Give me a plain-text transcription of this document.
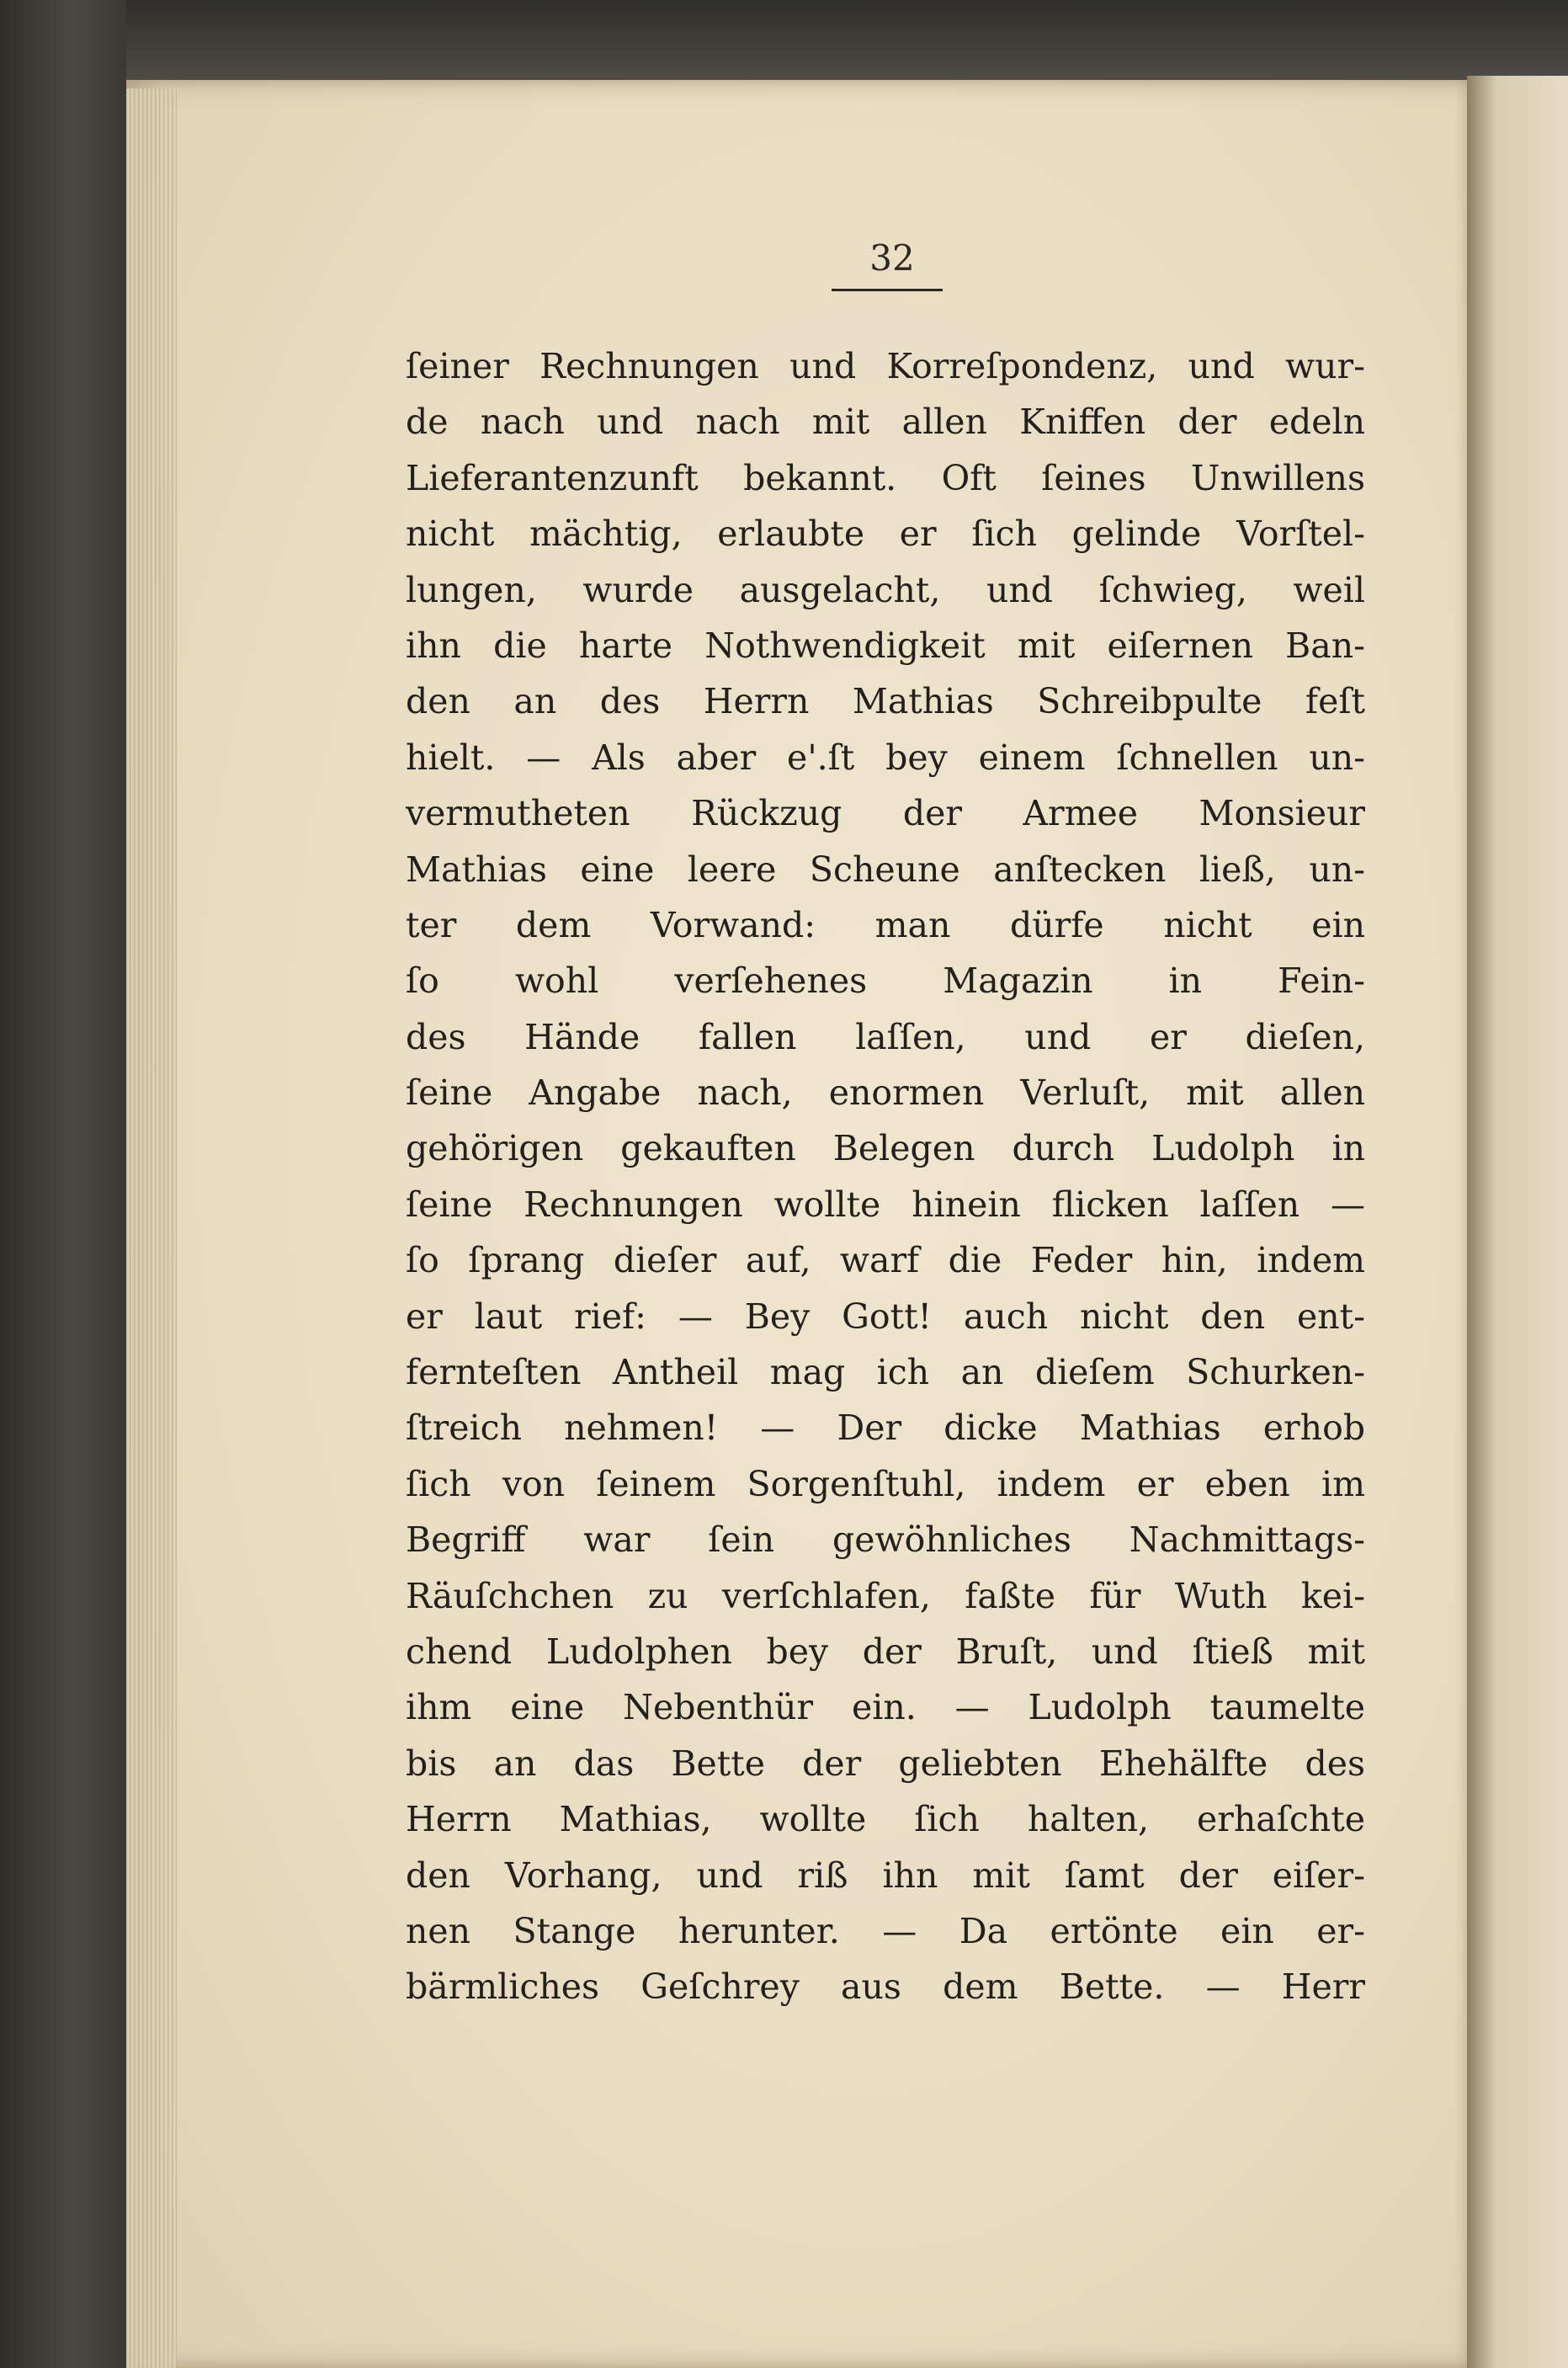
32
ſeiner Rechnungen und Korreſpondenz, und wur-
de nach und nach mit allen Kniffen der edeln
Lieferantenzunft bekannt. Oft ſeines Unwillens
nicht mächtig, erlaubte er ſich gelinde Vorſtel-
lungen, wurde ausgelacht, und ſchwieg, weil
ihn die harte Nothwendigkeit mit eiſernen Ban-
den an des Herrn Mathias Schreibpulte feſt
hielt. — Als aber e'.ſt bey einem ſchnellen un-
vermutheten Rückzug der Armee Monsieur
Mathias eine leere Scheune anſtecken ließ, un-
ter dem Vorwand: man dürfe nicht ein
ſo wohl verſehenes Magazin in Fein-
des Hände fallen laſſen, und er dieſen,
ſeine Angabe nach, enormen Verluſt, mit allen
gehörigen gekauften Belegen durch Ludolph in
ſeine Rechnungen wollte hinein flicken laſſen —
ſo ſprang dieſer auf, warf die Feder hin, indem
er laut rief: — Bey Gott! auch nicht den ent-
fernteſten Antheil mag ich an dieſem Schurken-
ſtreich nehmen! — Der dicke Mathias erhob
ſich von ſeinem Sorgenſtuhl, indem er eben im
Begriff war ſein gewöhnliches Nachmittags-
Räuſchchen zu verſchlafen, faßte für Wuth kei-
chend Ludolphen bey der Bruſt, und ſtieß mit
ihm eine Nebenthür ein. — Ludolph taumelte
bis an das Bette der geliebten Ehehälfte des
Herrn Mathias, wollte ſich halten, erhaſchte
den Vorhang, und riß ihn mit ſamt der eiſer-
nen Stange herunter. — Da ertönte ein er-
bärmliches Geſchrey aus dem Bette. — Herr
